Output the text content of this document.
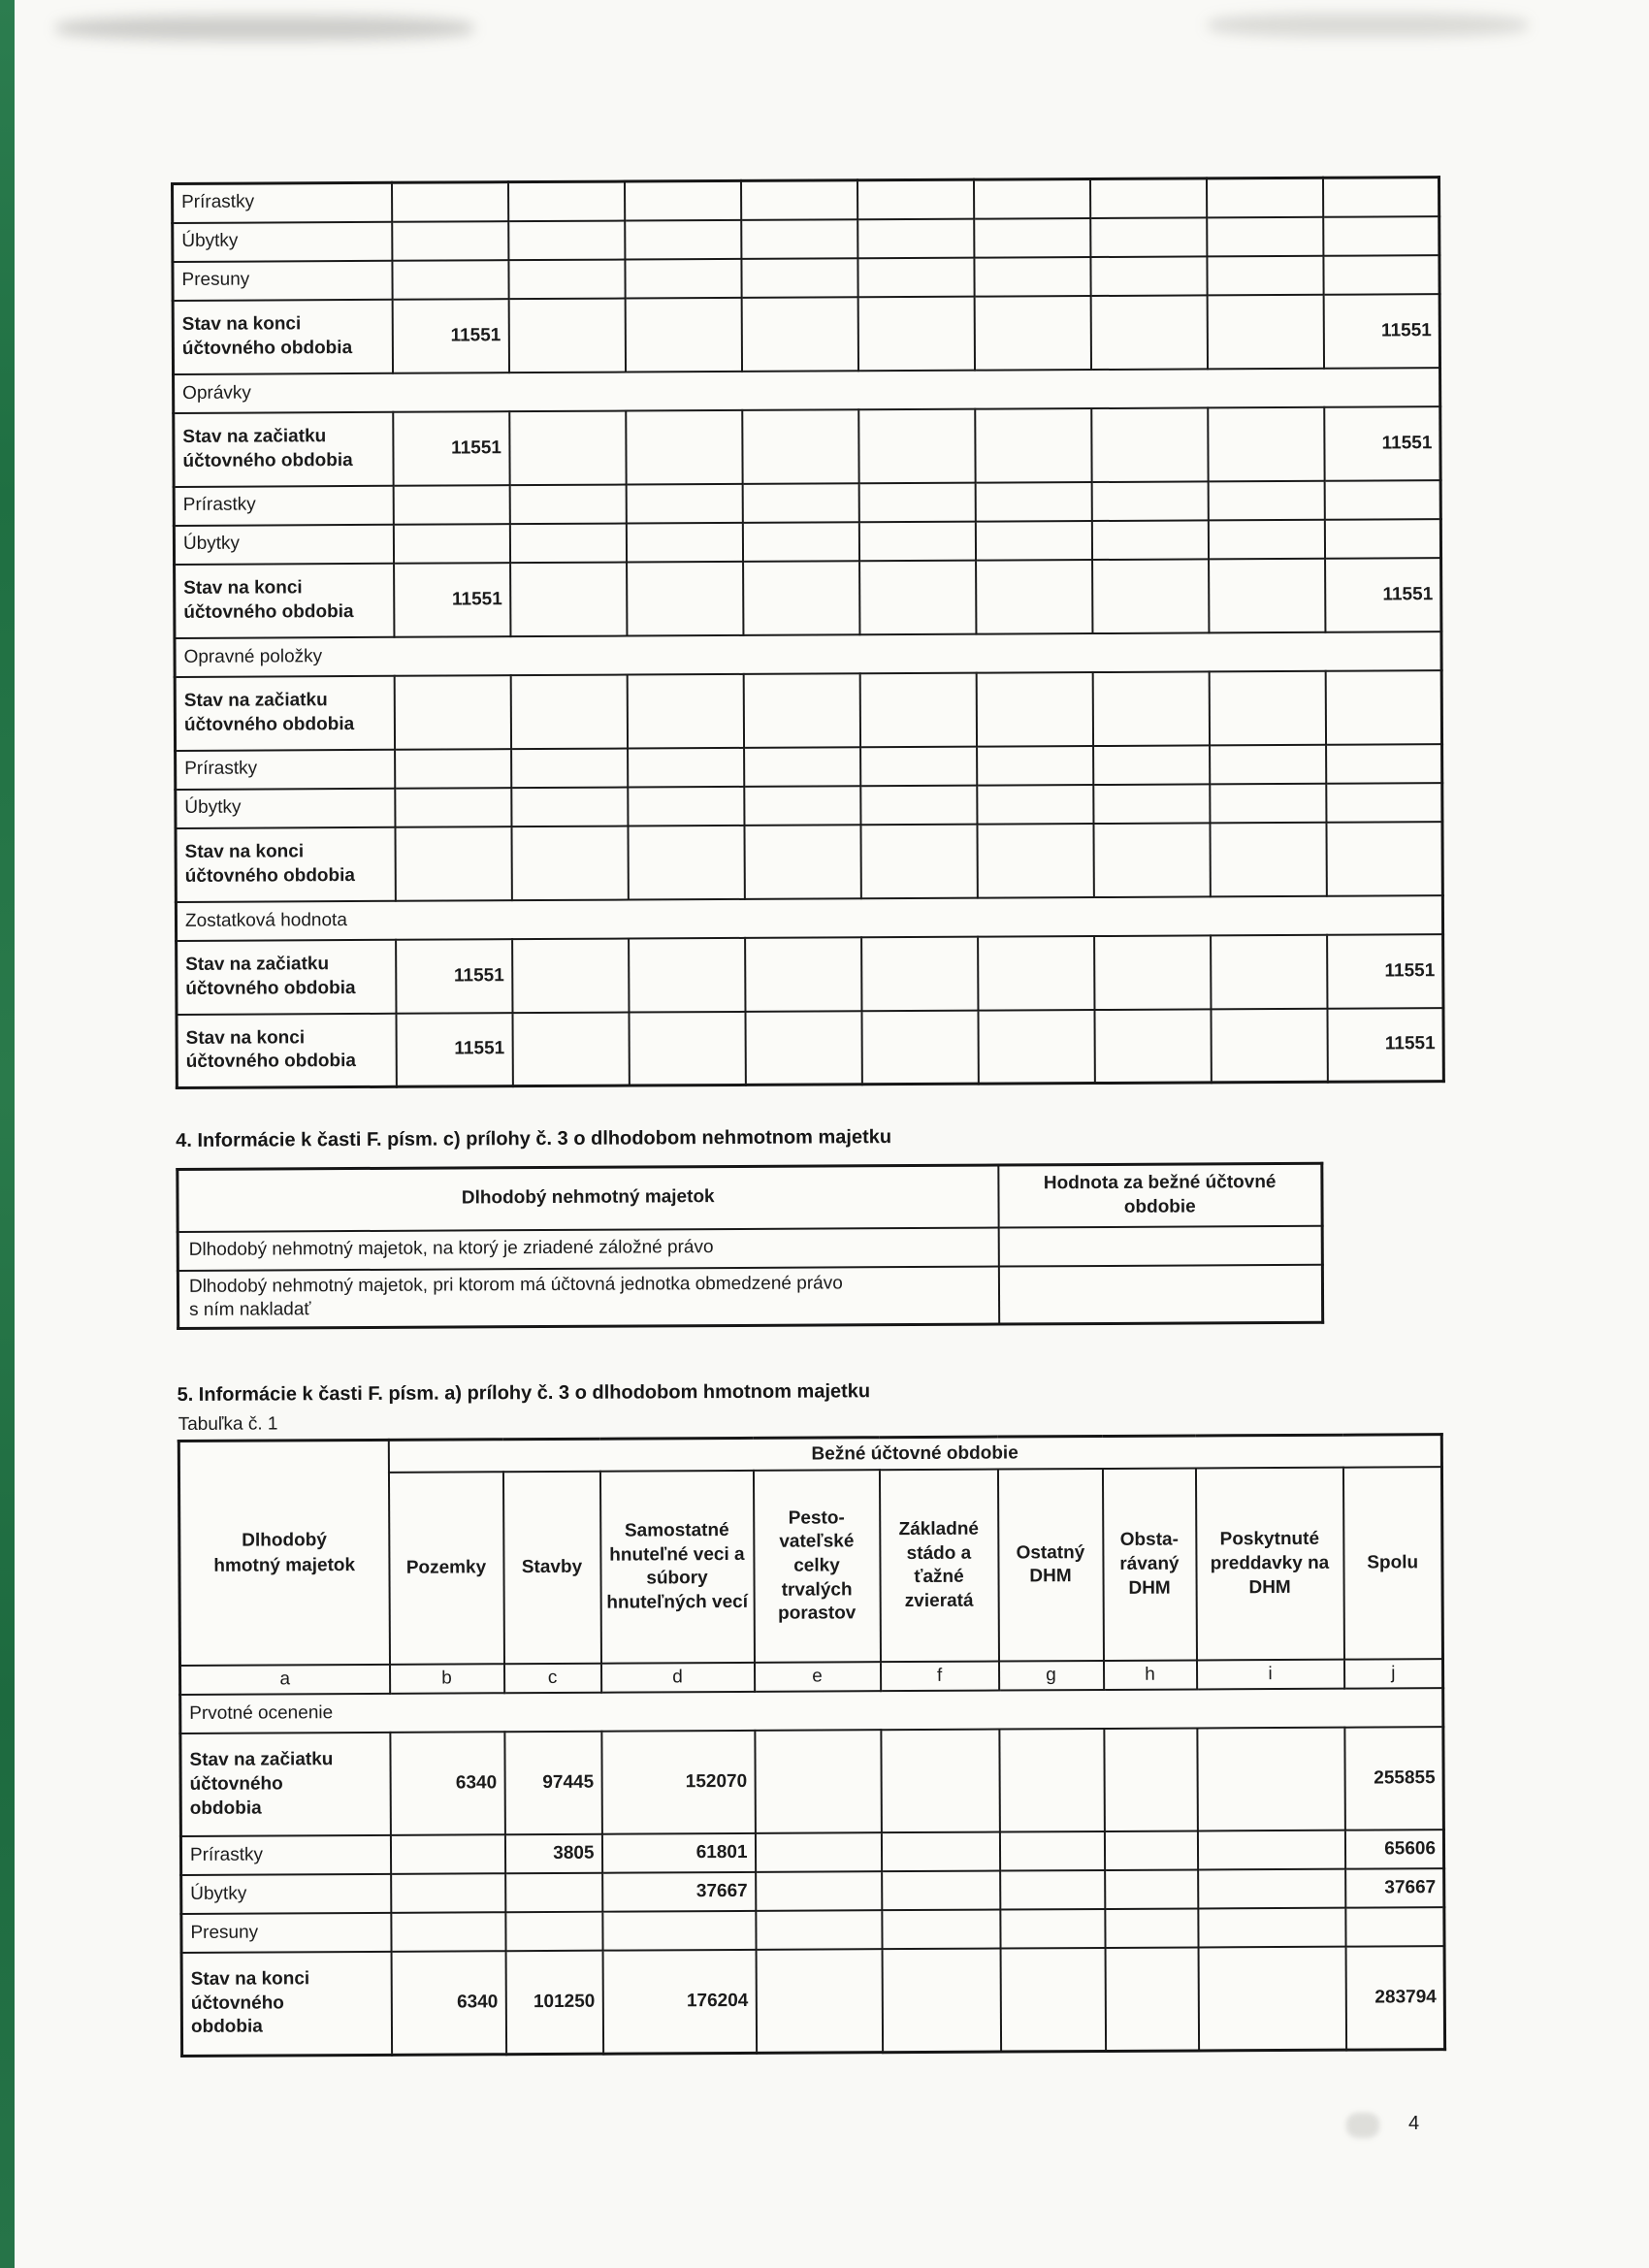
Prírastky									
Úbytky									
Presuny									
Stav na konci
účtovného obdobia	11551								11551
Oprávky									
Stav na začiatku
účtovného obdobia	11551								11551
Prírastky									
Úbytky									
Stav na konci
účtovného obdobia	11551								11551
Opravné položky									
Stav na začiatku
účtovného obdobia									
Prírastky									
Úbytky									
Stav na konci
účtovného obdobia									
Zostatková hodnota									
Stav na začiatku
účtovného obdobia	11551								11551
Stav na konci
účtovného obdobia	11551								11551
4. Informácie k časti F. písm. c) prílohy č. 3 o dlhodobom nehmotnom majetku
Dlhodobý nehmotný majetok	Hodnota za bežné účtovné
obdobie
Dlhodobý nehmotný majetok, na ktorý je zriadené záložné právo	
Dlhodobý nehmotný majetok, pri ktorom má účtovná jednotka obmedzené právo
s ním nakladať	
5. Informácie k časti F. písm. a) prílohy č. 3 o dlhodobom hmotnom majetku
Tabuľka č. 1
Dlhodobý
hmotný majetok	Bežné účtovné obdobie								
	Pozemky	Stavby	Samostatné hnuteľné veci a súbory hnuteľných vecí	Pesto-vateľské celky trvalých porastov	Základné stádo a ťažné zvieratá	Ostatný DHM	Obsta-rávaný DHM	Poskytnuté preddavky na DHM	Spolu
a	b	c	d	e	f	g	h	i	j
Prvotné ocenenie									
Stav na začiatku
účtovného
obdobia	6340	97445	152070						255855
Prírastky		3805	61801						65606
Úbytky			37667						37667
Presuny									
Stav na konci
účtovného
obdobia	6340	101250	176204						283794
4
